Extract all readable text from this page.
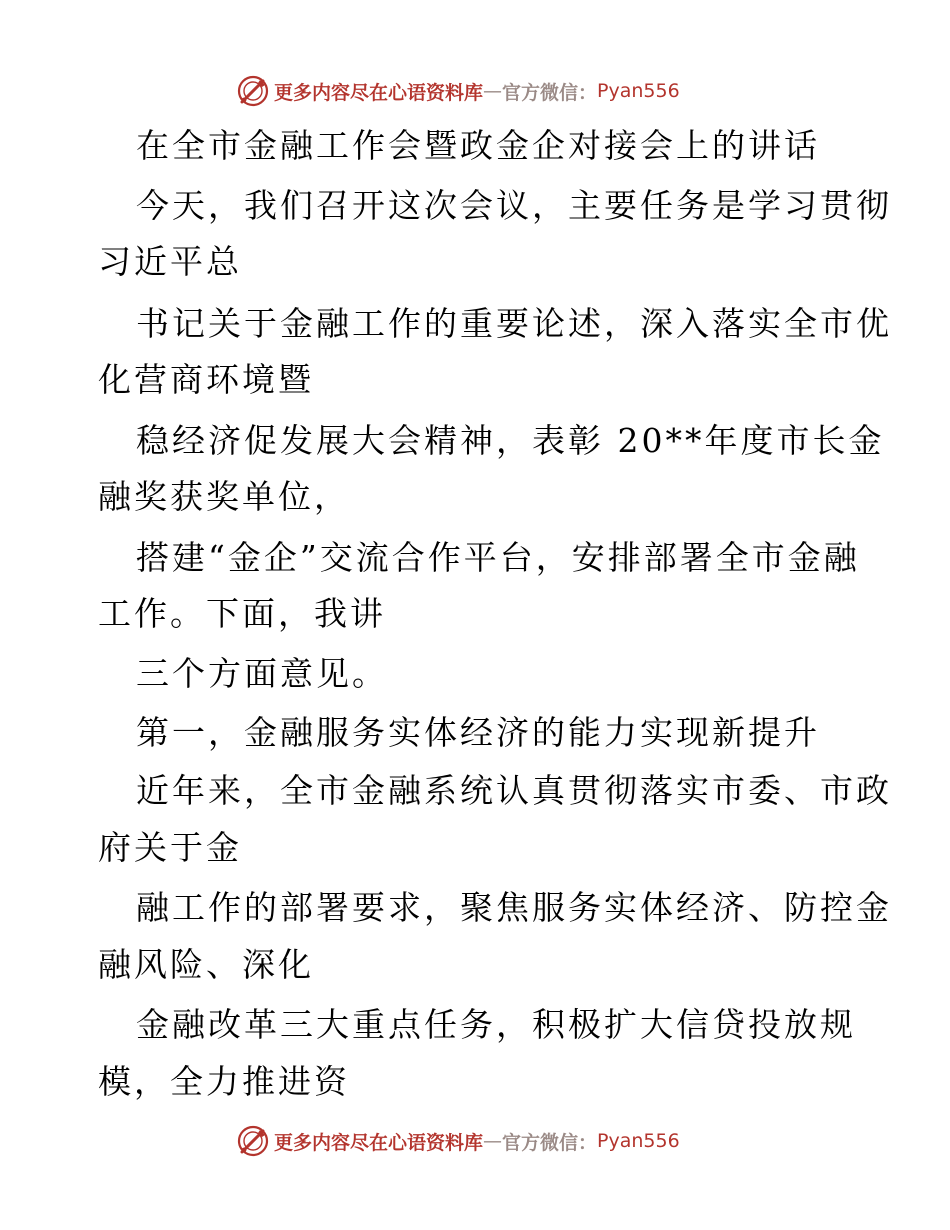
更多内容尽在心语资料库 — 官方微信： Pyan556
在全市金融工作会暨政金企对接会上的讲话
今天，我们召开这次会议，主要任务是学习贯彻
习近平总
书记关于金融工作的重要论述，深入落实全市优
化营商环境暨
稳经济促发展大会精神，表彰 20**年度市长金
融奖获奖单位，
搭建“金企”交流合作平台，安排部署全市金融
工作。下面，我讲
三个方面意见。
第一，金融服务实体经济的能力实现新提升
近年来，全市金融系统认真贯彻落实市委、市政
府关于金
融工作的部署要求，聚焦服务实体经济、防控金
融风险、深化
金融改革三大重点任务，积极扩大信贷投放规
模，全力推进资
更多内容尽在心语资料库 — 官方微信： Pyan556
